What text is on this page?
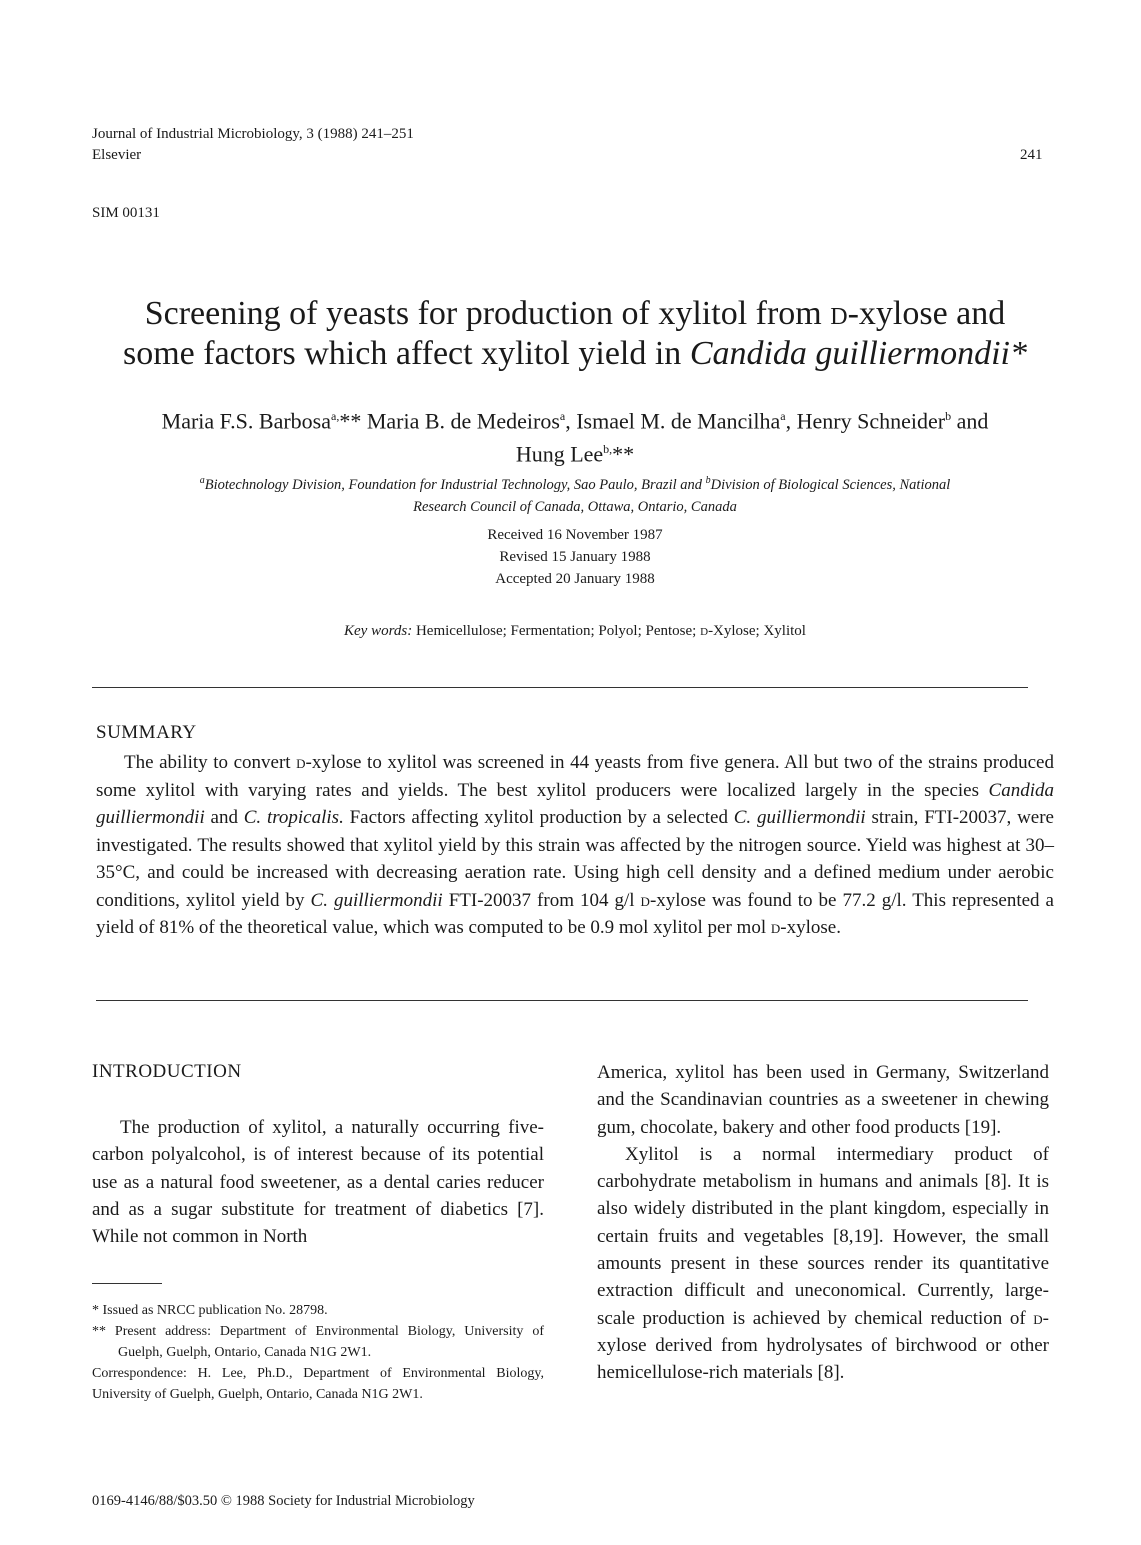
Journal of Industrial Microbiology, 3 (1988) 241–251
Elsevier	241
SIM 00131
Screening of yeasts for production of xylitol from d-xylose and
some factors which affect xylitol yield in Candida guilliermondii*
Maria F.S. Barbosa$^{a,}$** Maria B. de Medeiros$^a$, Ismael M. de Mancilha$^a$, Henry Schneider$^b$ and
Hung Lee$^{b,}$**
$^a$Biotechnology Division, Foundation for Industrial Technology, Sao Paulo, Brazil and $^b$Division of Biological Sciences, National
Research Council of Canada, Ottawa, Ontario, Canada
Received 16 November 1987
Revised 15 January 1988
Accepted 20 January 1988
Key words: Hemicellulose; Fermentation; Polyol; Pentose; d-Xylose; Xylitol
SUMMARY
The ability to convert d-xylose to xylitol was screened in 44 yeasts from five genera. All but two of the strains produced some xylitol with varying rates and yields. The best xylitol producers were localized largely in the species Candida guilliermondii and C. tropicalis. Factors affecting xylitol production by a selected C. guilliermondii strain, FTI-20037, were investigated. The results showed that xylitol yield by this strain was affected by the nitrogen source. Yield was highest at 30–35°C, and could be increased with decreasing aeration rate. Using high cell density and a defined medium under aerobic conditions, xylitol yield by C. guilliermondii FTI-20037 from 104 g/l d-xylose was found to be 77.2 g/l. This represented a yield of 81% of the theoretical value, which was computed to be 0.9 mol xylitol per mol d-xylose.
INTRODUCTION

The production of xylitol, a naturally occurring five-carbon polyalcohol, is of interest because of its potential use as a natural food sweetener, as a dental caries reducer and as a sugar substitute for treatment of diabetics [7]. While not common in North

* Issued as NRCC publication No. 28798.

** Present address: Department of Environmental Biology, University of Guelph, Guelph, Ontario, Canada N1G 2W1.

Correspondence: H. Lee, Ph.D., Department of Environmental Biology, University of Guelph, Guelph, Ontario, Canada N1G 2W1.

America, xylitol has been used in Germany, Switzerland and the Scandinavian countries as a sweetener in chewing gum, chocolate, bakery and other food products [19].

Xylitol is a normal intermediary product of carbohydrate metabolism in humans and animals [8]. It is also widely distributed in the plant kingdom, especially in certain fruits and vegetables [8,19]. However, the small amounts present in these sources render its quantitative extraction difficult and uneconomical. Currently, large-scale production is achieved by chemical reduction of d-xylose derived from hydrolysates of birchwood or other hemicellulose-rich materials [8].

0169-4146/88/$03.50 © 1988 Society for Industrial Microbiology
